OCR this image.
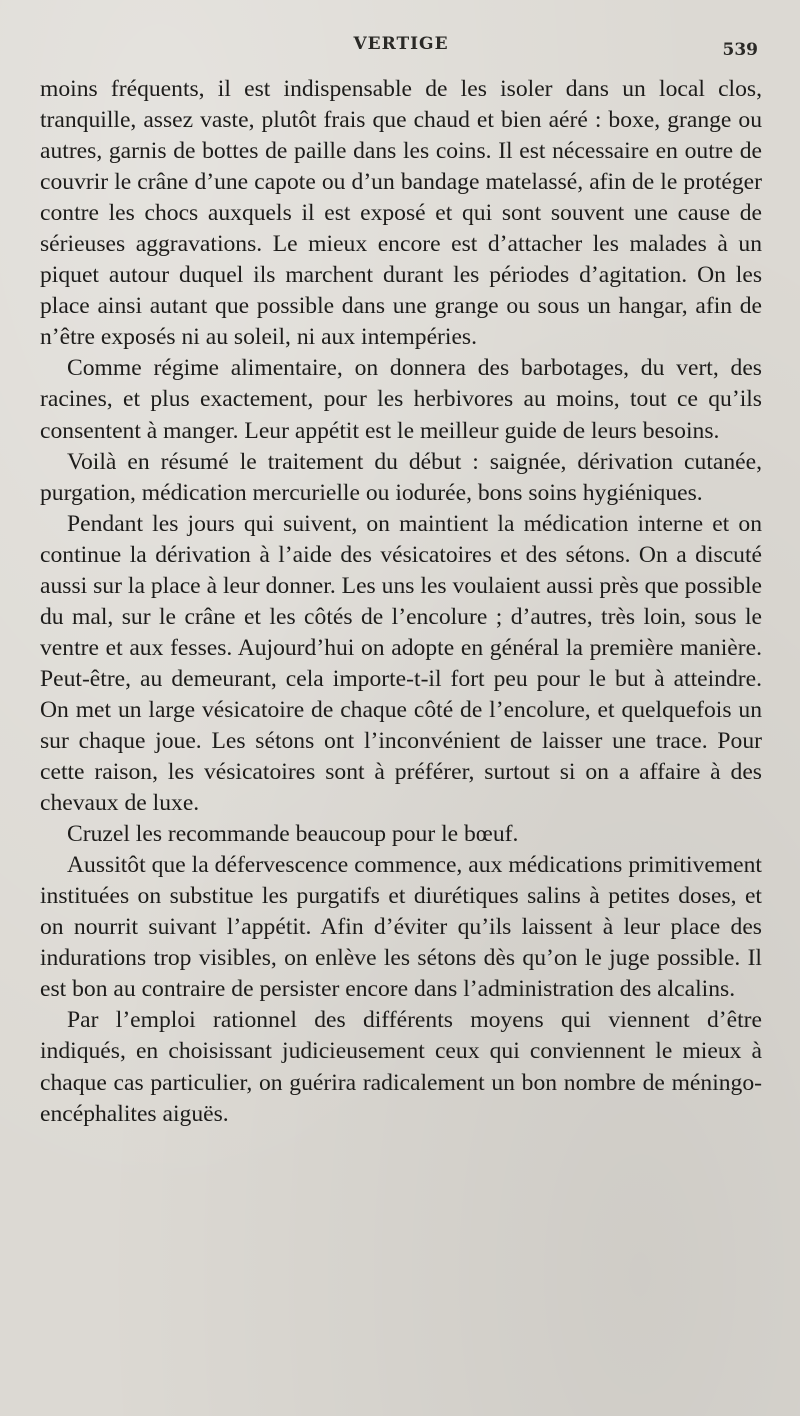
VERTIGE	539

moins fréquents, il est indispensable de les isoler dans un local clos, tranquille, assez vaste, plutôt frais que chaud et bien aéré : boxe, grange ou autres, garnis de bottes de paille dans les coins. Il est nécessaire en outre de couvrir le crâne d’une capote ou d’un bandage matelassé, afin de le protéger contre les chocs auxquels il est exposé et qui sont souvent une cause de sérieuses aggravations. Le mieux encore est d’attacher les malades à un piquet autour duquel ils marchent durant les périodes d’agitation. On les place ainsi autant que possible dans une grange ou sous un hangar, afin de n’être exposés ni au soleil, ni aux intempéries.

Comme régime alimentaire, on donnera des barbotages, du vert, des racines, et plus exactement, pour les herbivores au moins, tout ce qu’ils consentent à manger. Leur appétit est le meilleur guide de leurs besoins.

Voilà en résumé le traitement du début : saignée, dérivation cutanée, purgation, médication mercurielle ou iodurée, bons soins hygiéniques.

Pendant les jours qui suivent, on maintient la médication interne et on continue la dérivation à l’aide des vésicatoires et des sétons. On a discuté aussi sur la place à leur donner. Les uns les voulaient aussi près que possible du mal, sur le crâne et les côtés de l’encolure ; d’autres, très loin, sous le ventre et aux fesses. Aujourd’hui on adopte en général la première manière. Peut-être, au demeurant, cela importe-t-il fort peu pour le but à atteindre. On met un large vésicatoire de chaque côté de l’encolure, et quelquefois un sur chaque joue. Les sétons ont l’inconvénient de laisser une trace. Pour cette raison, les vésicatoires sont à préférer, surtout si on a affaire à des chevaux de luxe.

Cruzel les recommande beaucoup pour le bœuf.

Aussitôt que la défervescence commence, aux médications primitivement instituées on substitue les purgatifs et diurétiques salins à petites doses, et on nourrit suivant l’appétit. Afin d’éviter qu’ils laissent à leur place des indurations trop visibles, on enlève les sétons dès qu’on le juge possible. Il est bon au contraire de persister encore dans l’administration des alcalins.

Par l’emploi rationnel des différents moyens qui viennent d’être indiqués, en choisissant judicieusement ceux qui conviennent le mieux à chaque cas particulier, on guérira radicalement un bon nombre de méningo-encéphalites aiguës.
